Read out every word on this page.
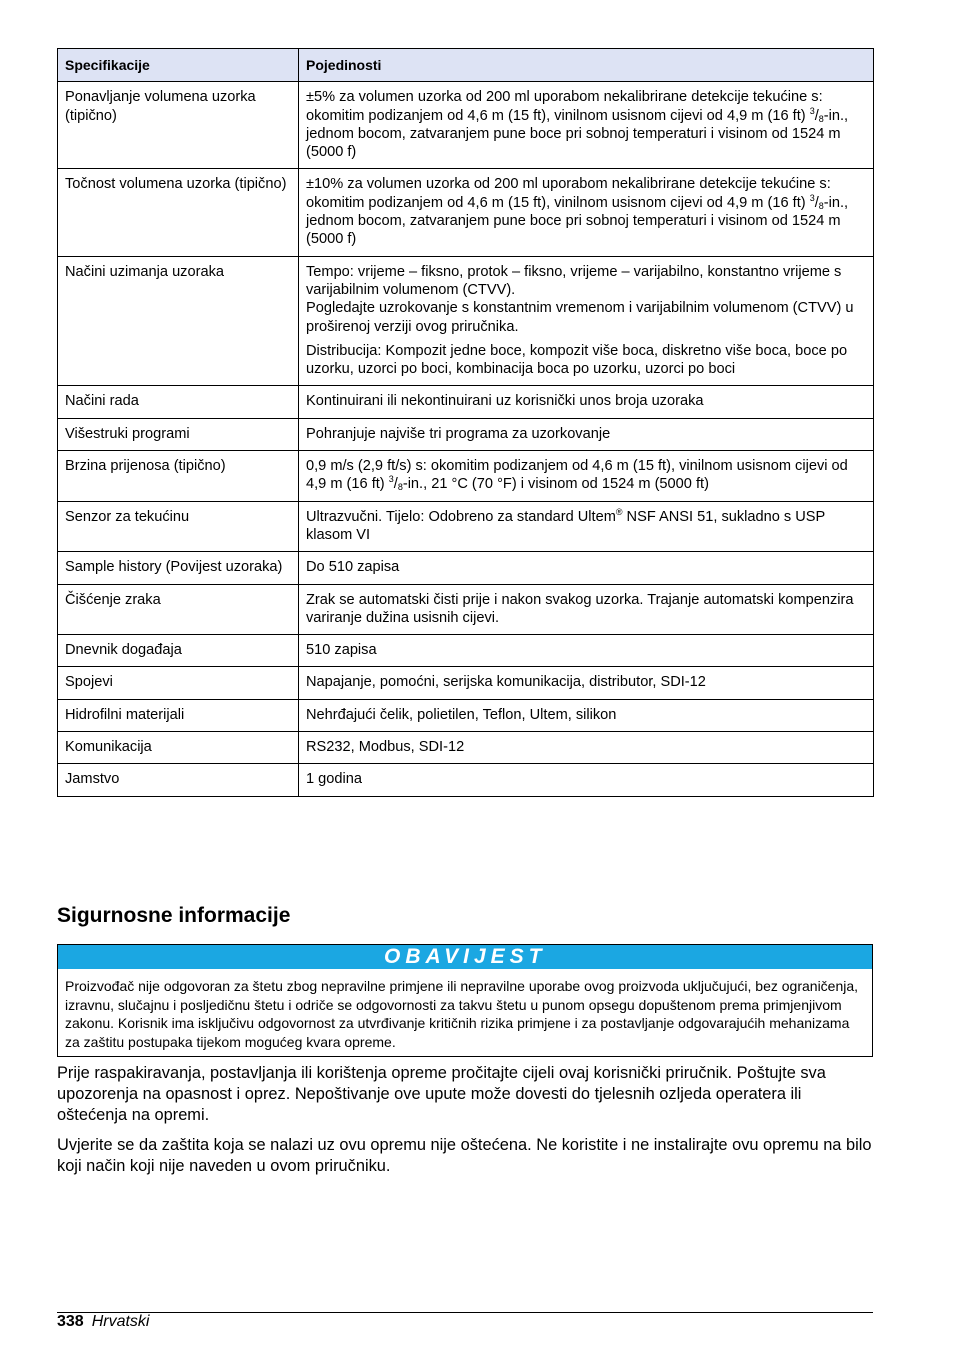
Specifikacije	Pojedinosti
Ponavljanje volumena uzorka (tipično)	±5% za volumen uzorka od 200 ml uporabom nekalibrirane detekcije tekućine s: okomitim podizanjem od 4,6 m (15 ft), vinilnom usisnom cijevi od 4,9 m (16 ft) $^3/_8-in$., jednom bocom, zatvaranjem pune boce pri sobnoj temperaturi i visinom od 1524 m (5000 f)
Točnost volumena uzorka (tipično)	±10% za volumen uzorka od 200 ml uporabom nekalibrirane detekcije tekućine s: okomitim podizanjem od 4,6 m (15 ft), vinilnom usisnom cijevi od 4,9 m (16 ft) $^3/_8-in$., jednom bocom, zatvaranjem pune boce pri sobnoj temperaturi i visinom od 1524 m (5000 f)
Načini uzimanja uzoraka	Tempo: vrijeme – fiksno, protok – fiksno, vrijeme – varijabilno, konstantno vrijeme s varijabilnim volumenom (CTVV).
Pogledajte uzrokovanje s konstantnim vremenom i varijabilnim volumenom (CTVV) u proširenoj verziji ovog priručnika.

Distribucija: Kompozit jedne boce, kompozit više boca, diskretno više boca, boce po uzorku, uzorci po boci, kombinacija boca po uzorku, uzorci po boci

Načini rada	Kontinuirani ili nekontinuirani uz korisnički unos broja uzoraka
Višestruki programi	Pohranjuje najviše tri programa za uzorkovanje
Brzina prijenosa (tipično)	0,9 m/s (2,9 ft/s) s: okomitim podizanjem od 4,6 m (15 ft), vinilnom usisnom cijevi od 4,9 m (16 ft) $^3/_8-in$., 21 °C (70 °F) i visinom od 1524 m (5000 ft)
Senzor za tekućinu	Ultrazvučni. Tijelo: Odobreno za standard Ultem® NSF ANSI 51, sukladno s USP klasom VI
Sample history (Povijest uzoraka)	Do 510 zapisa
Čišćenje zraka	Zrak se automatski čisti prije i nakon svakog uzorka. Trajanje automatski kompenzira variranje dužina usisnih cijevi.
Dnevnik događaja	510 zapisa
Spojevi	Napajanje, pomoćni, serijska komunikacija, distributor, SDI-12
Hidrofilni materijali	Nehrđajući čelik, polietilen, Teflon, Ultem, silikon
Komunikacija	RS232, Modbus, SDI-12
Jamstvo	1 godina
Sigurnosne informacije
OBAVIJEST
Proizvođač nije odgovoran za štetu zbog nepravilne primjene ili nepravilne uporabe ovog proizvoda uključujući, bez ograničenja, izravnu, slučajnu i posljedičnu štetu i odriče se odgovornosti za takvu štetu u punom opsegu dopuštenom prema primjenjivom zakonu. Korisnik ima isključivu odgovornost za utvrđivanje kritičnih rizika primjene i za postavljanje odgovarajućih mehanizama za zaštitu postupaka tijekom mogućeg kvara opreme.

Prije raspakiravanja, postavljanja ili korištenja opreme pročitajte cijeli ovaj korisnički priručnik. Poštujte sva upozorenja na opasnost i oprez. Nepoštivanje ove upute može dovesti do tjelesnih ozljeda operatera ili oštećenja na opremi.

Uvjerite se da zaštita koja se nalazi uz ovu opremu nije oštećena. Ne koristite i ne instalirajte ovu opremu na bilo koji način koji nije naveden u ovom priručniku.

338 Hrvatski
